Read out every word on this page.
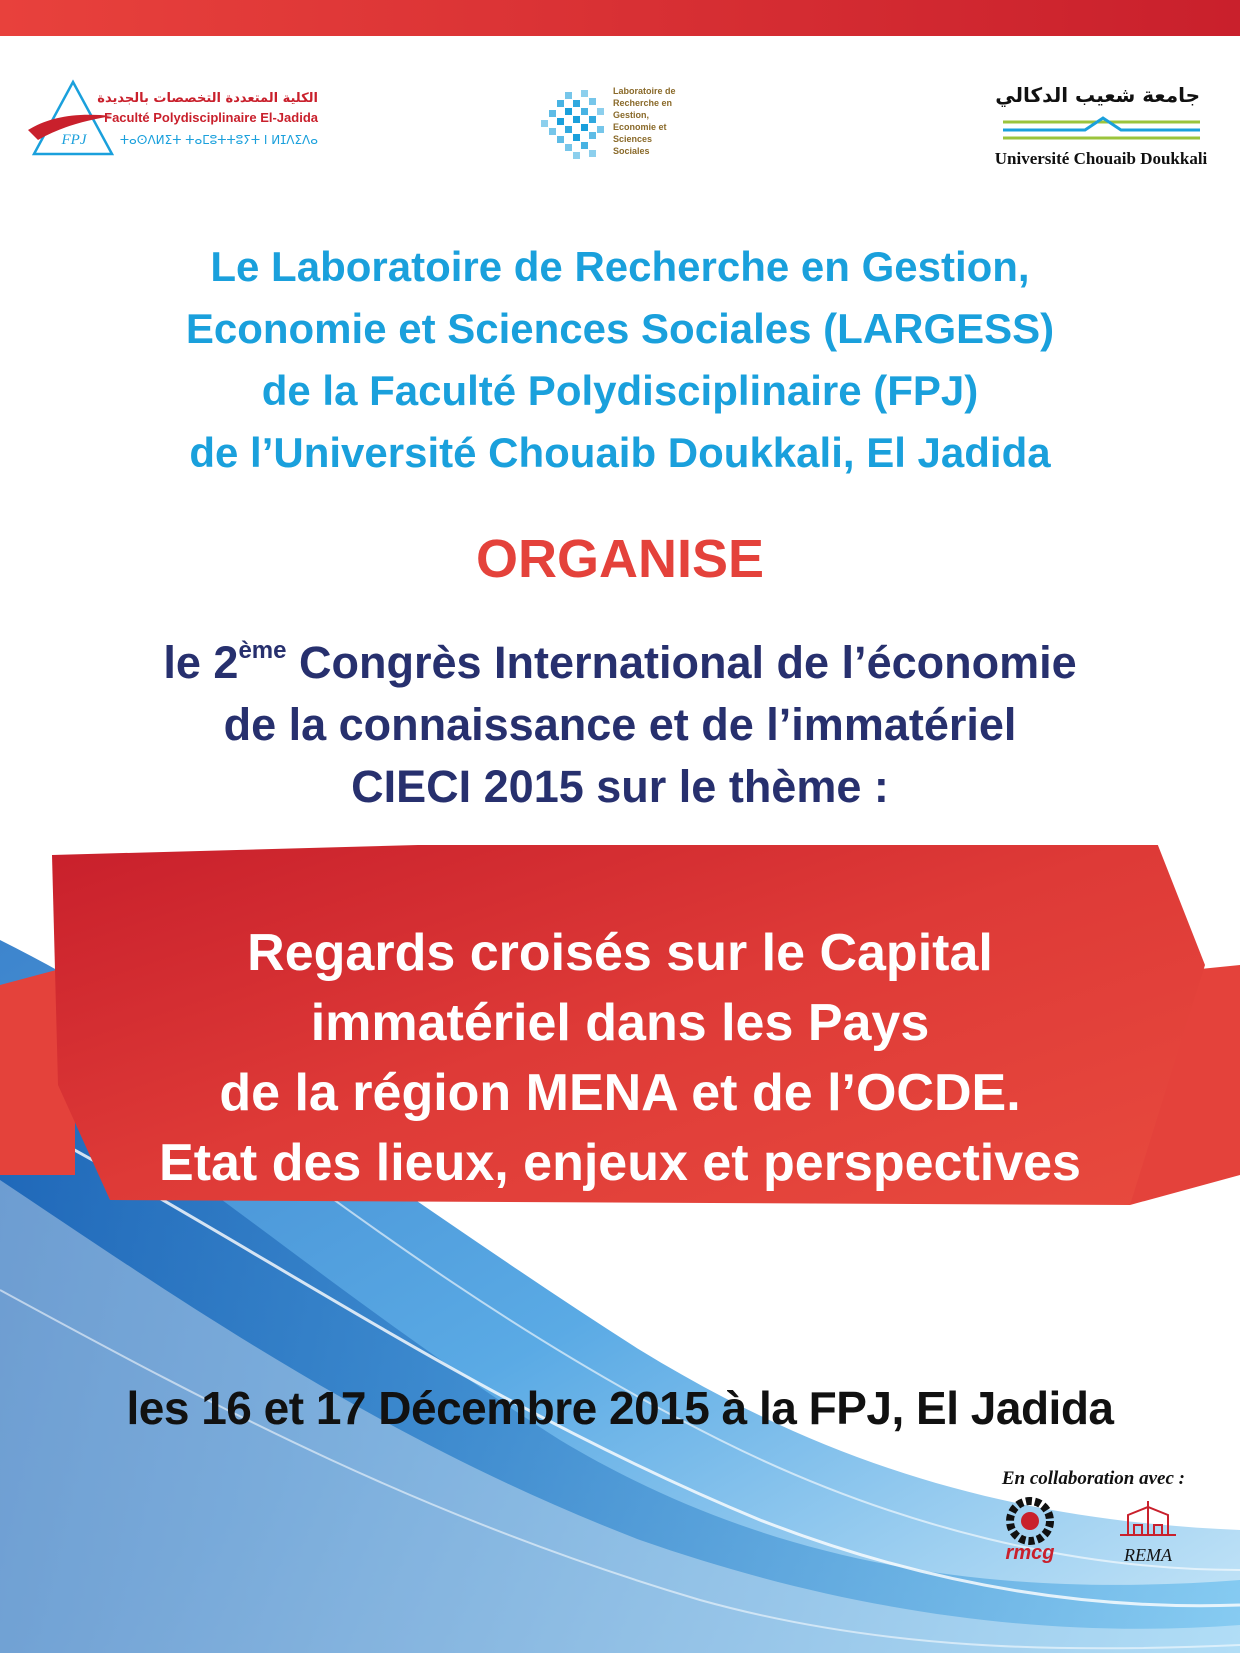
FPJ
الكلية المتعددة التخصصات بالجديدة
Faculté Polydisciplinaire El-Jadida
ⵜⴰⵙⴷⵍⵉⵜ ⵜⴰⵎⵓⵜⵜⵓⵢⵜ ⵏ ⵍⵊⴷⵉⴷⴰ
Laboratoire de
Recherche en
Gestion,
Economie et
Sciences
Sociales
جامعة شعيب الدكالي
Université Chouaib Doukkali
Le Laboratoire de Recherche en Gestion,
Economie et Sciences Sociales (LARGESS)
de la Faculté Polydisciplinaire (FPJ)
de l’Université Chouaib Doukkali, El Jadida
ORGANISE
le 2ème Congrès International de l’économie
de la connaissance et de l’immatériel
CIECI 2015 sur le thème :
Regards croisés sur le Capital
immatériel dans les Pays
de la région MENA et de l’OCDE.
Etat des lieux, enjeux et perspectives
les 16 et 17 Décembre 2015 à la FPJ, El Jadida
En collaboration avec :
rmcg	REMA
